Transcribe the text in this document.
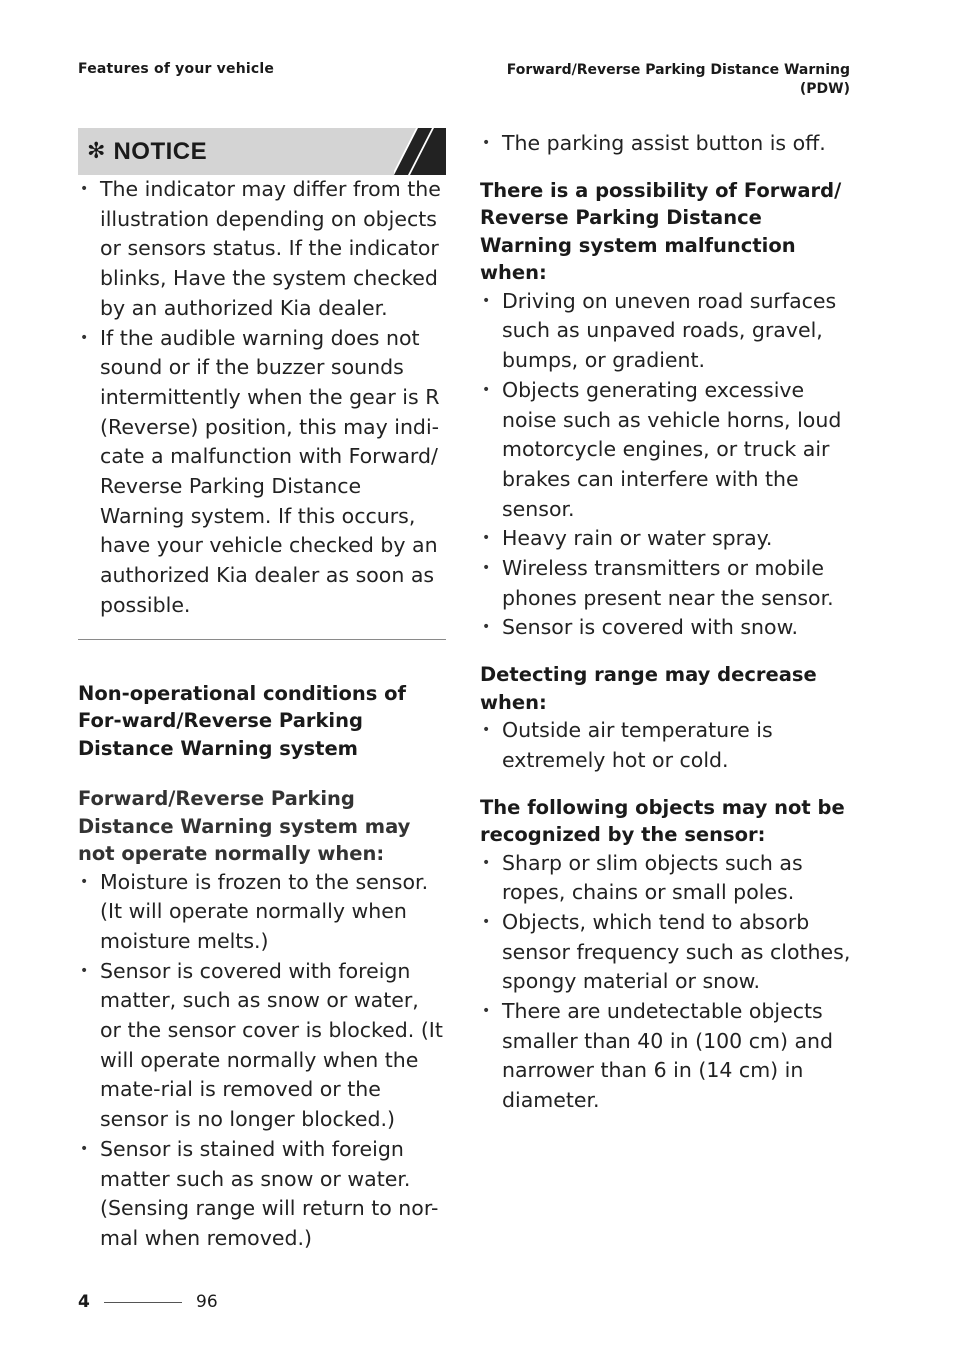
Features of your vehicle	Forward/Reverse Parking Distance Warning
(PDW)
✻ NOTICE
• The indicator may differ from the illustration depending on objects or sensors status. If the indicator blinks, Have the system checked by an authorized Kia dealer.
• If the audible warning does not sound or if the buzzer sounds intermittently when the gear is R (Reverse) position, this may indi-cate a malfunction with Forward/ Reverse Parking Distance Warning system. If this occurs, have your vehicle checked by an authorized Kia dealer as soon as possible.

Non-operational conditions of For-ward/Reverse Parking Distance Warning system

Forward/Reverse Parking Distance Warning system may not operate normally when:

• Moisture is frozen to the sensor. (It will operate normally when moisture melts.)
• Sensor is covered with foreign matter, such as snow or water, or the sensor cover is blocked. (It will operate normally when the mate-rial is removed or the sensor is no longer blocked.)
• Sensor is stained with foreign matter such as snow or water. (Sensing range will return to nor-mal when removed.)
• The parking assist button is off.

There is a possibility of Forward/ Reverse Parking Distance Warning system malfunction when:

• Driving on uneven road surfaces such as unpaved roads, gravel, bumps, or gradient.
• Objects generating excessive noise such as vehicle horns, loud motorcycle engines, or truck air brakes can interfere with the sensor.
• Heavy rain or water spray.
• Wireless transmitters or mobile phones present near the sensor.
• Sensor is covered with snow.

Detecting range may decrease when:

• Outside air temperature is extremely hot or cold.

The following objects may not be recognized by the sensor:

• Sharp or slim objects such as ropes, chains or small poles.
• Objects, which tend to absorb sensor frequency such as clothes, spongy material or snow.
• There are undetectable objects smaller than 40 in (100 cm) and narrower than 6 in (14 cm) in diameter.
4	96
